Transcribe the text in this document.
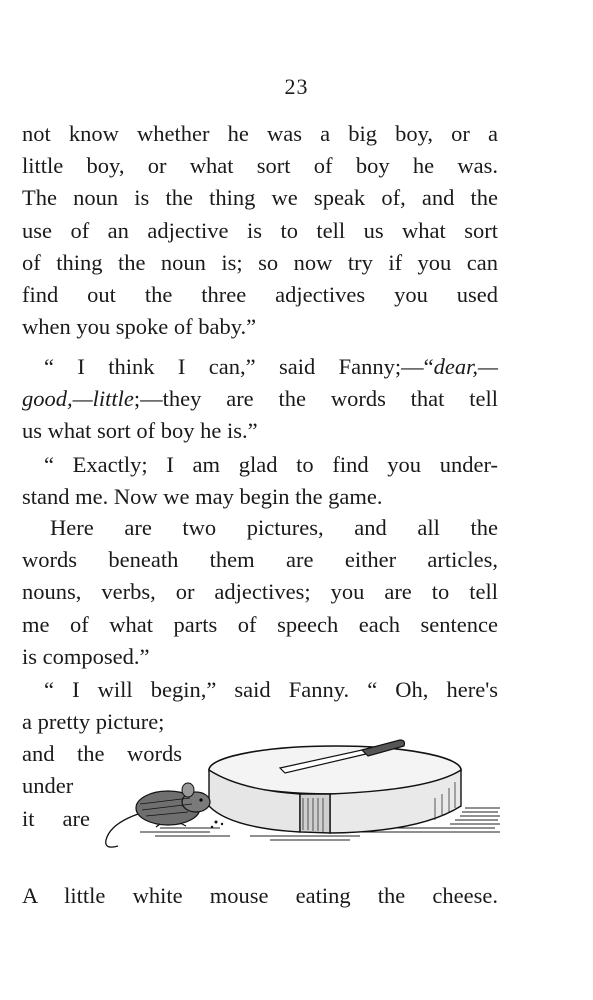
23
not know whether he was a big boy, or a
little boy, or what sort of boy he was.
The noun is the thing we speak of, and the
use of an adjective is to tell us what sort
of thing the noun is; so now try if you can
find out the three adjectives you used
when you spoke of baby.”
“ I think I can,” said Fanny;—“dear,—
good,—little;—they are the words that tell
us what sort of boy he is.”
“ Exactly; I am glad to find you under-
stand me. Now we may begin the game.
Here are two pictures, and all the
words beneath them are either articles,
nouns, verbs, or adjectives; you are to tell
me of what parts of speech each sentence
is composed.”
“ I will begin,” said Fanny. “ Oh, here's
a pretty picture;
and the words
under
it are
A little white mouse eating the cheese.
